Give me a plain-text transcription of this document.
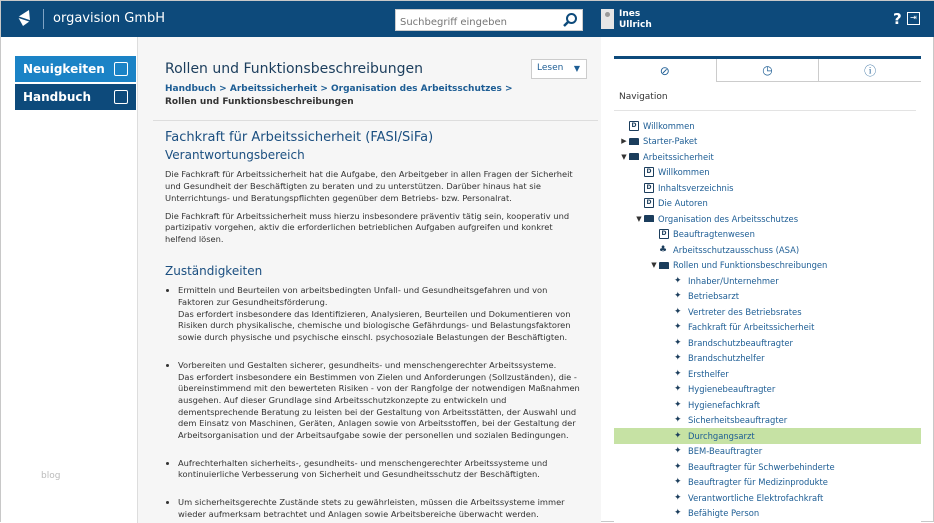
orgavision GmbH
Suchbegriff eingeben	Ines
Ullrich	?	⇥
Neuigkeiten
Handbuch
blog
Rollen und Funktionsbeschreibungen	Lesen ▼
Handbuch > Arbeitssicherheit > Organisation des Arbeitsschutzes > Rollen und Funktionsbeschreibungen
Fachkraft für Arbeitssicherheit (FASI/SiFa)
Verantwortungsbereich

Die Fachkraft für Arbeitssicherheit hat die Aufgabe, den Arbeitgeber in allen Fragen der Sicherheit und Gesundheit der Beschäftigten zu beraten und zu unterstützen. Darüber hinaus hat sie Unterrichtungs- und Beratungspflichten gegenüber dem Betriebs- bzw. Personalrat.

Die Fachkraft für Arbeitssicherheit muss hierzu insbesondere präventiv tätig sein, kooperativ und partizipativ vorgehen, aktiv die erforderlichen betrieblichen Aufgaben aufgreifen und konkret helfend lösen.

Zuständigkeiten
• Ermitteln und Beurteilen von arbeitsbedingten Unfall- und Gesundheitsgefahren und von Faktoren zur Gesundheitsförderung.
Das erfordert insbesondere das Identifizieren, Analysieren, Beurteilen und Dokumentieren von Risiken durch physikalische, chemische und biologische Gefährdungs- und Belastungsfaktoren sowie durch physische und psychische einschl. psychosoziale Belastungen der Beschäftigten.
• Vorbereiten und Gestalten sicherer, gesundheits- und menschengerechter Arbeitssysteme.
Das erfordert insbesondere ein Bestimmen von Zielen und Anforderungen (Sollzuständen), die - übereinstimmend mit den bewerteten Risiken - von der Rangfolge der notwendigen Maßnahmen ausgehen. Auf dieser Grundlage sind Arbeitsschutzkonzepte zu entwickeln und dementsprechende Beratung zu leisten bei der Gestaltung von Arbeitsstätten, der Auswahl und dem Einsatz von Maschinen, Geräten, Anlagen sowie von Arbeitsstoffen, bei der Gestaltung der Arbeitsorganisation und der Arbeitsaufgabe sowie der personellen und sozialen Bedingungen.
• Aufrechterhalten sicherheits-, gesundheits- und menschengerechter Arbeitssysteme und kontinuierliche Verbesserung von Sicherheit und Gesundheitsschutz der Beschäftigten.
• Um sicherheitsgerechte Zustände stets zu gewährleisten, müssen die Arbeitssysteme immer wieder aufmerksam betrachtet und Anlagen sowie Arbeitsbereiche überwacht werden.
⊘	◷	ⓘ
Navigation
D Willkommen
▶ Starter-Paket
▼ Arbeitssicherheit
D Willkommen
D Inhaltsverzeichnis
D Die Autoren
▼ Organisation des Arbeitsschutzes
D Beauftragtenwesen
♣ Arbeitsschutzausschuss (ASA)
▼ Rollen und Funktionsbeschreibungen
✦ Inhaber/Unternehmer
✦ Betriebsarzt
✦ Vertreter des Betriebsrates
✦ Fachkraft für Arbeitssicherheit
✦ Brandschutzbeauftragter
✦ Brandschutzhelfer
✦ Ersthelfer
✦ Hygienebeauftragter
✦ Hygienefachkraft
✦ Sicherheitsbeauftragter
✦ Durchgangsarzt
✦ BEM-Beauftragter
✦ Beauftragter für Schwerbehinderte
✦ Beauftragter für Medizinprodukte
✦ Verantwortliche Elektrofachkraft
✦ Befähigte Person
